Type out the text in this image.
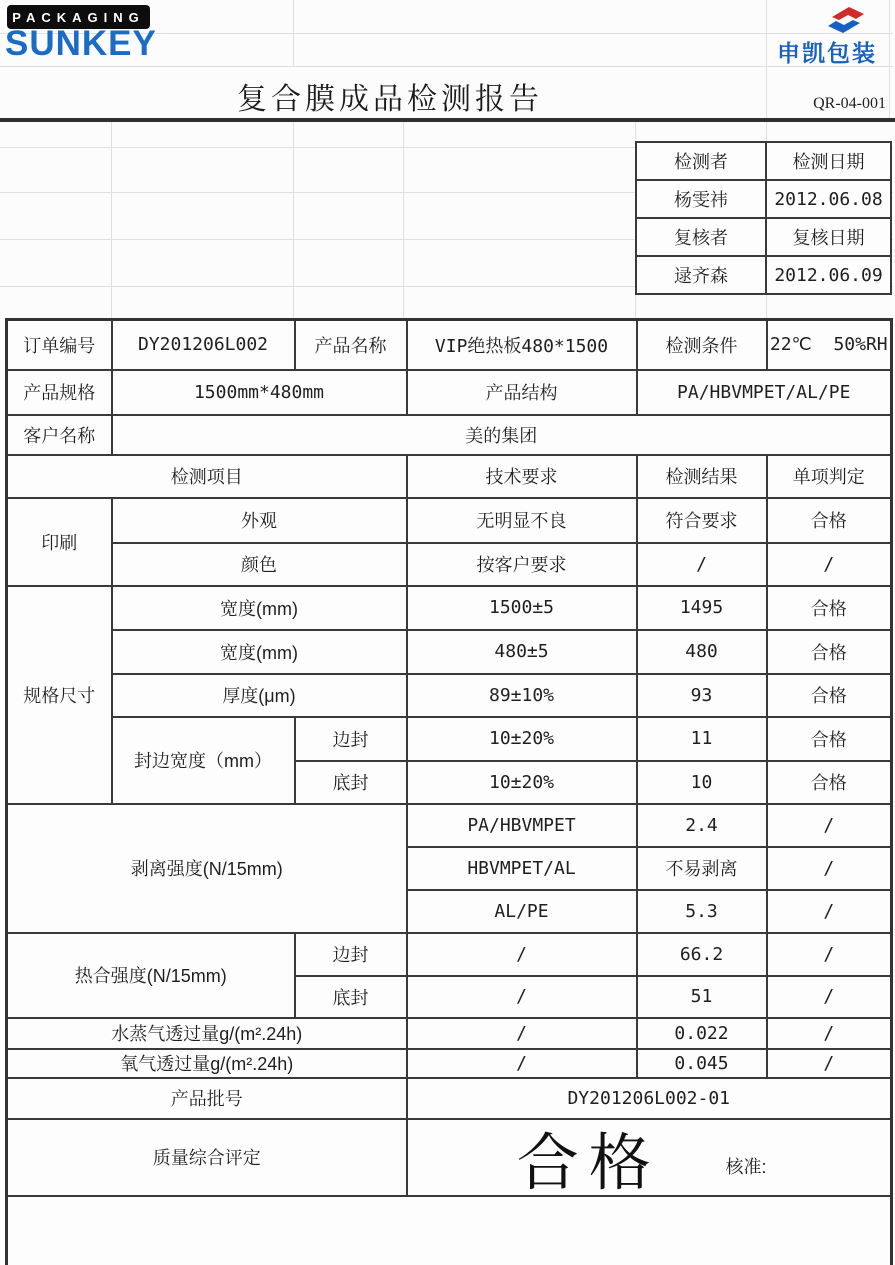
PACKAGING
SUNKEY	申凯包装
复合膜成品检测报告	QR-04-001
检测者	检测日期
杨雯祎	2012.06.08
复核者	复核日期
逯齐森	2012.06.09
订单编号	DY201206L002	产品名称	VIP绝热板480*1500	检测条件	22℃  50%RH
产品规格	1500mm*480mm		产品结构	PA/HBVMPET/AL/PE	
客户名称	美的集团				
检测项目			技术要求	检测结果	单项判定
印刷	外观		无明显不良	符合要求	合格
	颜色		按客户要求	/	/
规格尺寸	宽度(mm)		1500±5	1495	合格
	宽度(mm)		480±5	480	合格
	厚度(μm)		89±10%	93	合格
	封边宽度（mm）	边封	10±20%	11	合格
		底封	10±20%	10	合格
剥离强度(N/15mm)			PA/HBVMPET	2.4	/
			HBVMPET/AL	不易剥离	/
			AL/PE	5.3	/
热合强度(N/15mm)		边封	/	66.2	/
		底封	/	51	/
水蒸气透过量g/(m².24h)			/	0.022	/
氧气透过量g/(m².24h)			/	0.045	/
产品批号			DY201206L002-01		
质量综合评定			合格 核准:		
